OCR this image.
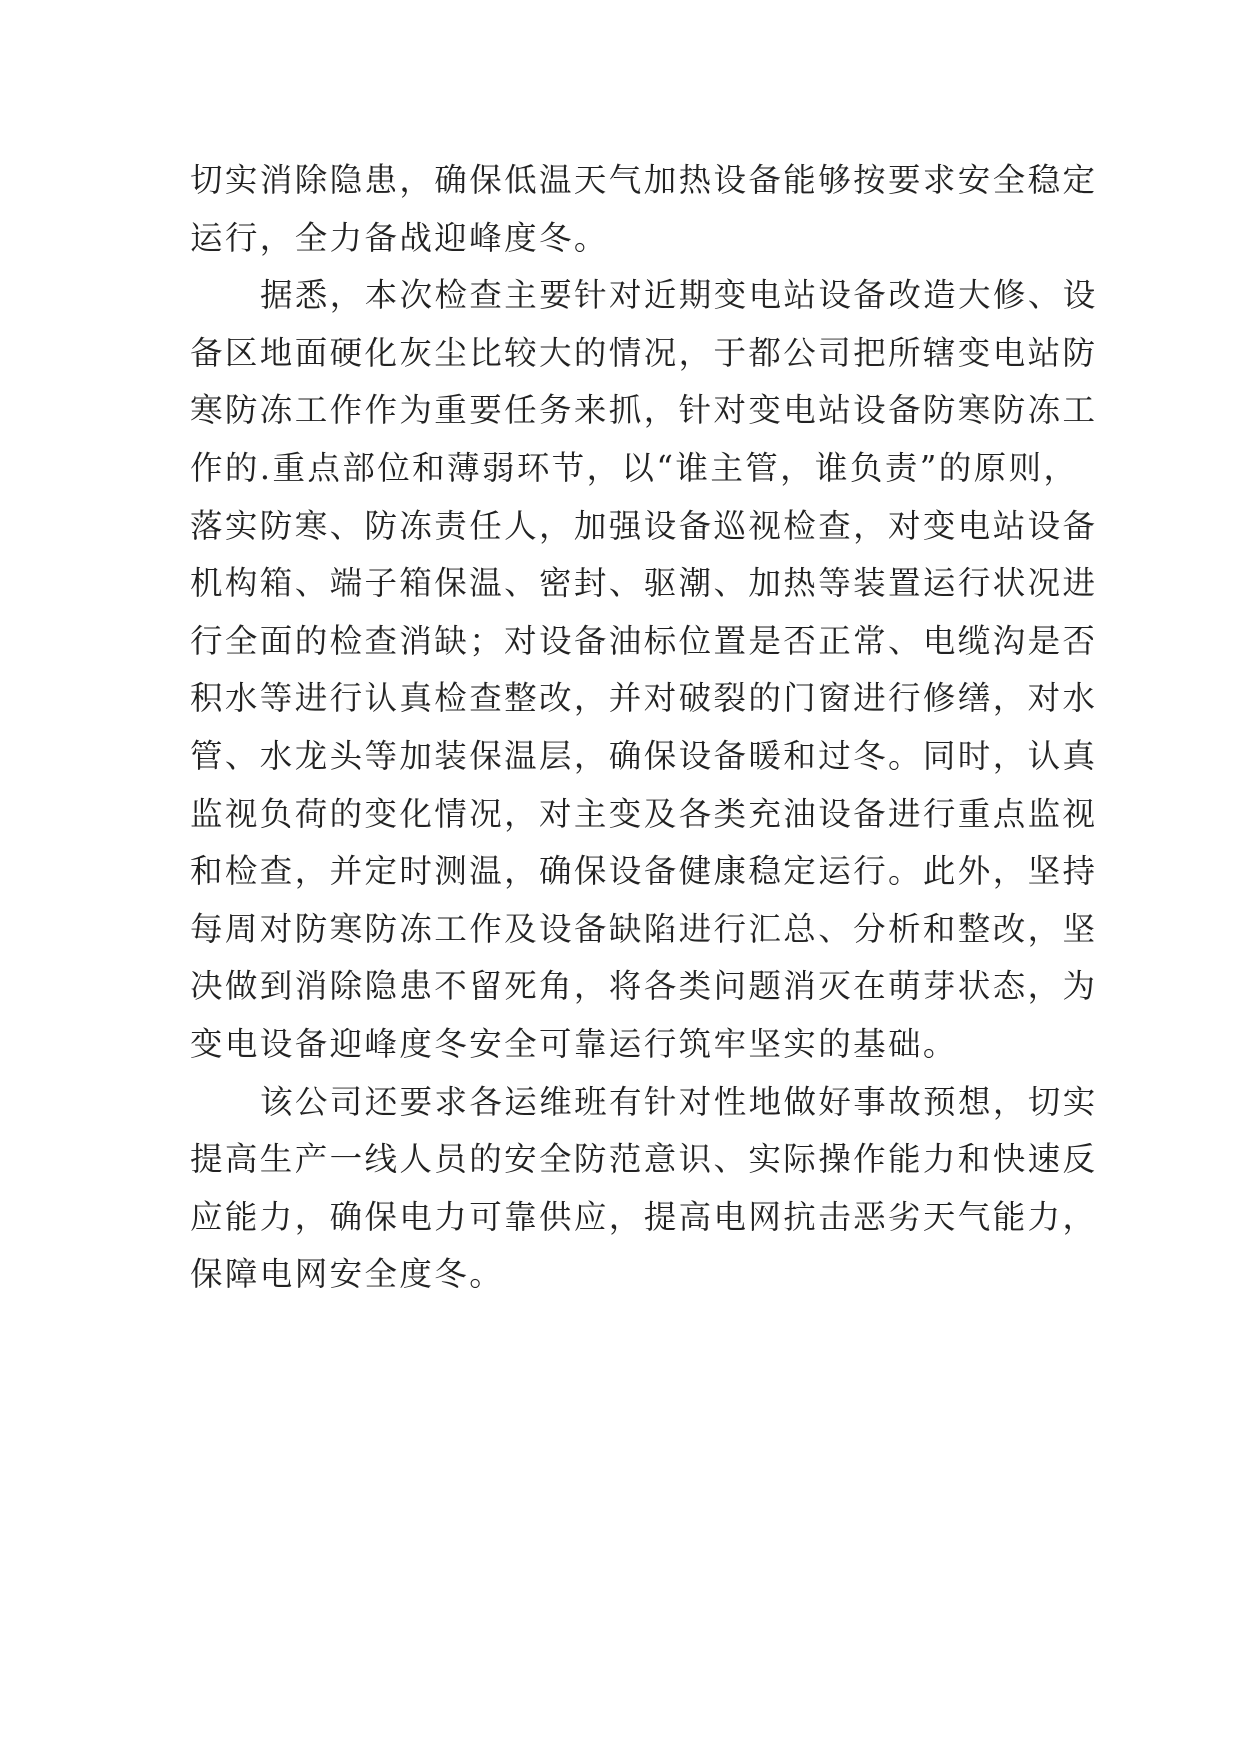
切实消除隐患，确保低温天气加热设备能够按要求安全稳定
运行，全力备战迎峰度冬。
据悉，本次检查主要针对近期变电站设备改造大修、设
备区地面硬化灰尘比较大的情况，于都公司把所辖变电站防
寒防冻工作作为重要任务来抓，针对变电站设备防寒防冻工
作的.重点部位和薄弱环节，以“谁主管，谁负责”的原则，
落实防寒、防冻责任人，加强设备巡视检查，对变电站设备
机构箱、端子箱保温、密封、驱潮、加热等装置运行状况进
行全面的检查消缺；对设备油标位置是否正常、电缆沟是否
积水等进行认真检查整改，并对破裂的门窗进行修缮，对水
管、水龙头等加装保温层，确保设备暖和过冬。同时，认真
监视负荷的变化情况，对主变及各类充油设备进行重点监视
和检查，并定时测温，确保设备健康稳定运行。此外，坚持
每周对防寒防冻工作及设备缺陷进行汇总、分析和整改，坚
决做到消除隐患不留死角，将各类问题消灭在萌芽状态，为
变电设备迎峰度冬安全可靠运行筑牢坚实的基础。
该公司还要求各运维班有针对性地做好事故预想，切实
提高生产一线人员的安全防范意识、实际操作能力和快速反
应能力，确保电力可靠供应，提高电网抗击恶劣天气能力，
保障电网安全度冬。
